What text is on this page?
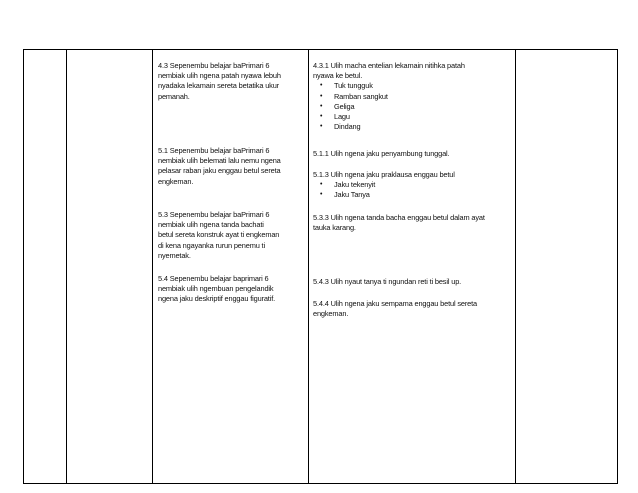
4.3 Sepenembu belajar baPrimari 6

nembiak ulih ngena patah nyawa lebuh

nyadaka lekamain sereta betatika ukur

pemanah.

5.1 Sepenembu belajar baPrimari 6

nembiak ulih belemati lalu nemu ngena

pelasar raban jaku enggau betul sereta

engkeman.

5.3 Sepenembu belajar baPrimari 6

nembiak ulih ngena tanda bachati

betul sereta konstruk ayat ti engkeman

di kena ngayanka rurun penemu ti

nyemetak.

5.4 Sepenembu belajar baprimari 6

nembiak ulih ngembuan pengelandik

ngena jaku deskriptif enggau figuratif.

4.3.1 Ulih macha entelian lekamain nitihka patah

nyawa ke betul.

• Tuk tungguk
• Ramban sangkut
• Geliga
• Lagu
• Dindang

5.1.1 Ulih ngena jaku penyambung tunggal.

5.1.3 Ulih ngena jaku praklausa enggau betul

• Jaku tekenyit
• Jaku Tanya

5.3.3 Ulih ngena tanda bacha enggau betul dalam ayat

tauka karang.

5.4.3 Ulih nyaut tanya ti ngundan reti ti besil up.

5.4.4 Ulih ngena jaku sempama enggau betul sereta

engkeman.
